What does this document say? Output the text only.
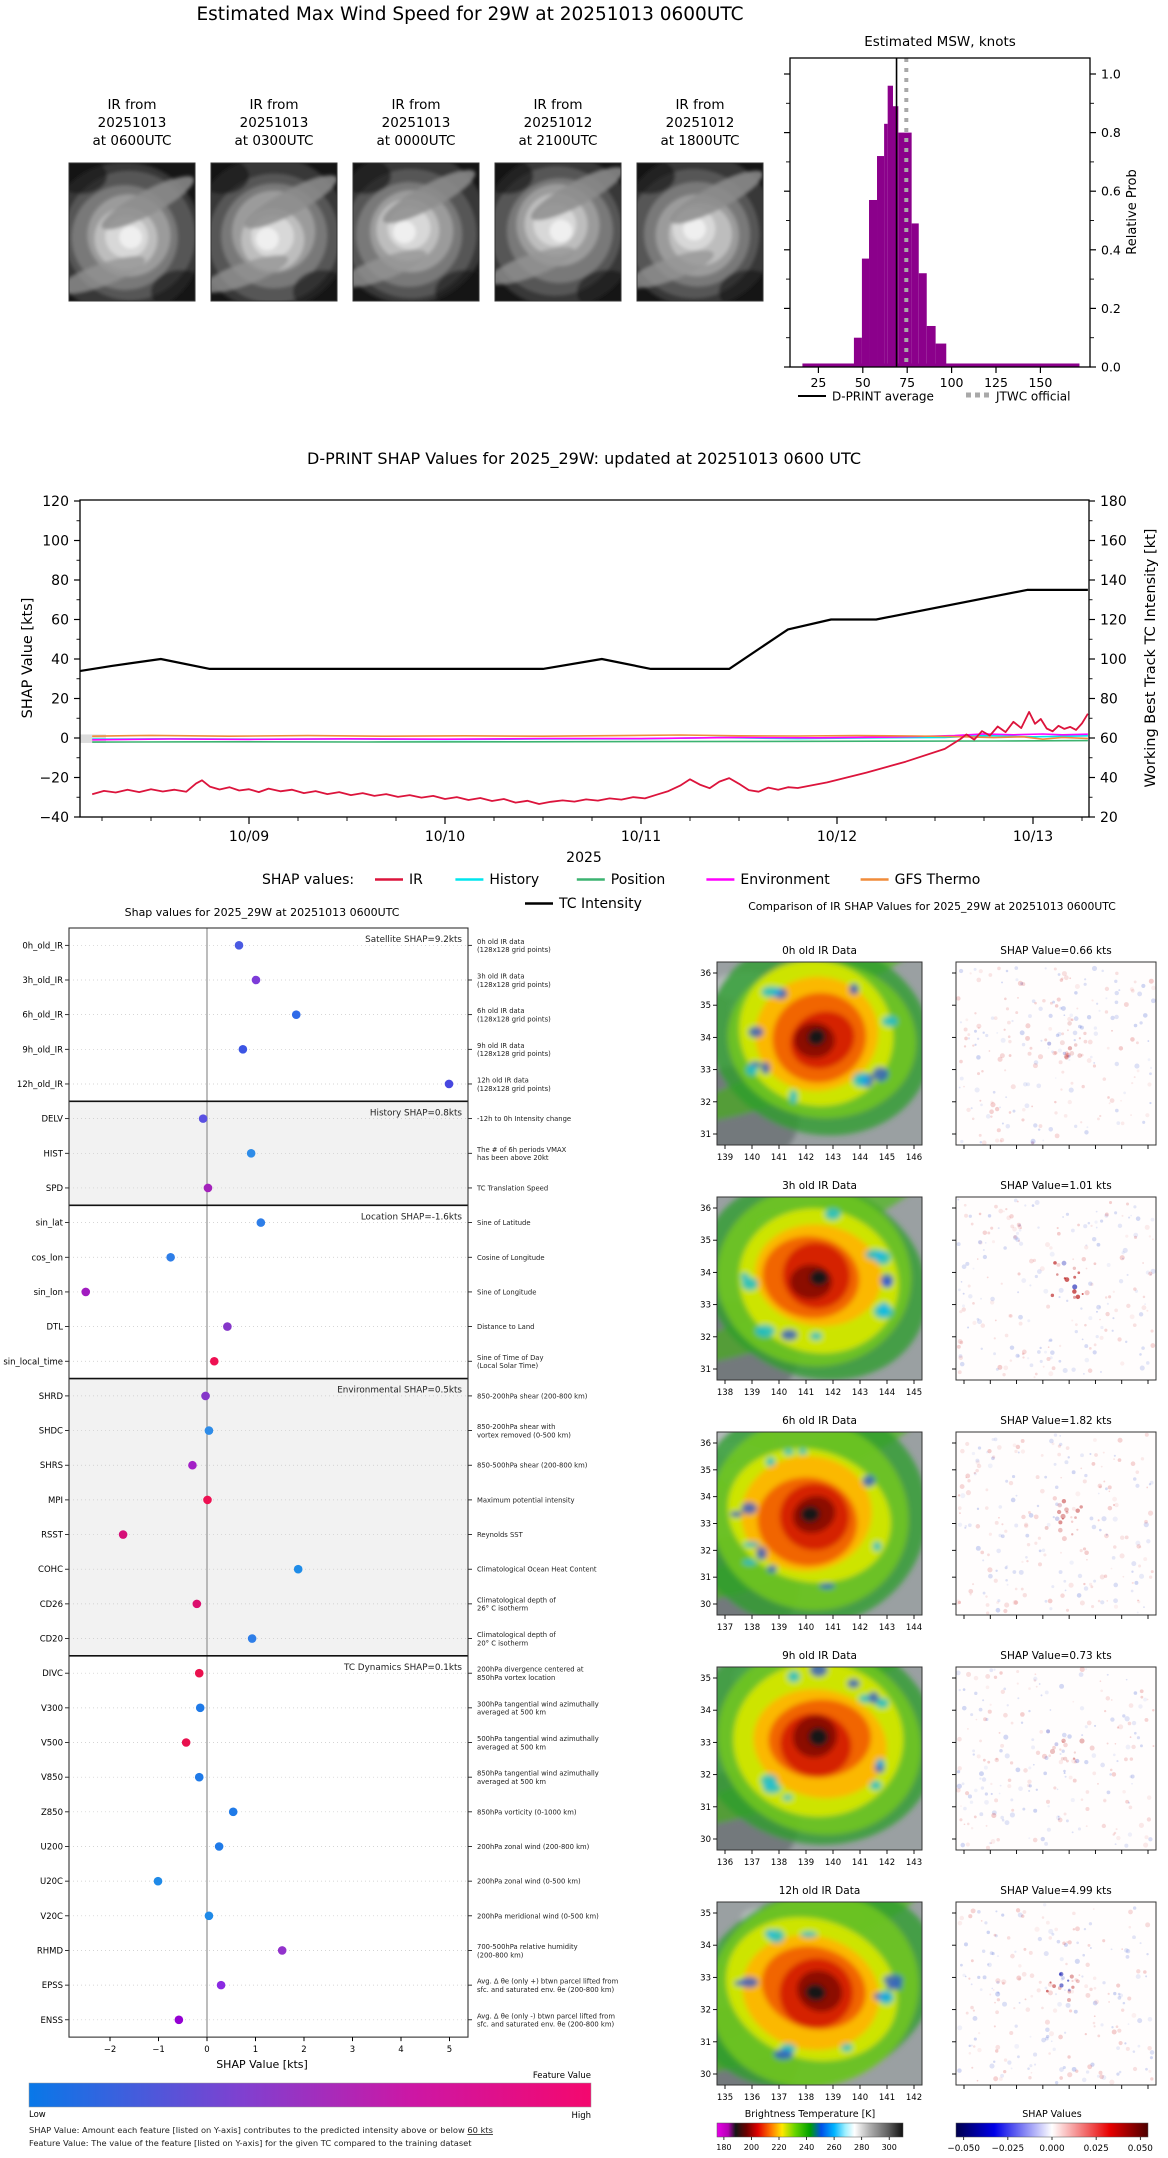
Estimated Max Wind Speed for 29W at 20251013 0600UTC
IR from
20251013
at 0600UTC
IR from
20251013
at 0300UTC
IR from
20251013
at 0000UTC
IR from
20251012
at 2100UTC
IR from
20251012
at 1800UTC
Estimated MSW, knots
0.0
0.2
0.4
0.6
0.8
1.0
25 50 75 100 125 150
Relative Prob
D-PRINT average	JTWC official
D-PRINT SHAP Values for 2025_29W: updated at 20251013 0600 UTC
−40
−20
0
20
40
60
80
100
120
20
40
60
80
100
120
140
160
180
10/09	10/10	10/11	10/12	10/13
2025
SHAP Value [kts]	Working Best Track TC Intensity [kt]
SHAP values:	IR	History	Position	Environment	GFS Thermo
TC Intensity
Shap values for 2025_29W at 20251013 0600UTC
0h_old_IR	0h old IR data
(128x128 grid points)
3h_old_IR	3h old IR data
(128x128 grid points)
6h_old_IR	6h old IR data
(128x128 grid points)
9h_old_IR	9h old IR data
(128x128 grid points)
12h_old_IR	12h old IR data
(128x128 grid points)
Satellite SHAP=9.2kts
DELV	-12h to 0h Intensity change
HIST	The # of 6h periods VMAX
has been above 20kt
SPD	TC Translation Speed
History SHAP=0.8kts
sin_lat	Sine of Latitude
cos_lon	Cosine of Longitude
sin_lon	Sine of Longitude
DTL	Distance to Land
sin_local_time	Sine of Time of Day
(Local Solar Time)
Location SHAP=-1.6kts
SHRD	850-200hPa shear (200-800 km)
SHDC	850-200hPa shear with
vortex removed (0-500 km)
SHRS	850-500hPa shear (200-800 km)
MPI	Maximum potential intensity
RSST	Reynolds SST
COHC	Climatological Ocean Heat Content
CD26	Climatological depth of
26° C isotherm
CD20	Climatological depth of
20° C isotherm
Environmental SHAP=0.5kts
DIVC	200hPa divergence centered at
850hPa vortex location
V300	300hPa tangential wind azimuthally
averaged at 500 km
V500	500hPa tangential wind azimuthally
averaged at 500 km
V850	850hPa tangential wind azimuthally
averaged at 500 km
Z850	850hPa vorticity (0-1000 km)
U200	200hPa zonal wind (200-800 km)
U20C	200hPa zonal wind (0-500 km)
V20C	200hPa meridional wind (0-500 km)
RHMD	700-500hPa relative humidity
(200-800 km)
EPSS	Avg. Δ θe (only +) btwn parcel lifted from
sfc. and saturated env. θe (200-800 km)
ENSS	Avg. Δ θe (only -) btwn parcel lifted from
sfc. and saturated env. θe (200-800 km)
TC Dynamics SHAP=0.1kts
−2	−1	0	1	2	3	4	5
SHAP Value [kts]
Feature Value
Low	High
SHAP Value: Amount each feature [listed on Y-axis] contributes to the predicted intensity above or below 60 kts
Feature Value: The value of the feature [listed on Y-axis] for the given TC compared to the training dataset
Comparison of IR SHAP Values for 2025_29W at 20251013 0600UTC
0h old IR Data	SHAP Value=0.66 kts
36
35
34
33
32
31
139 140 141 142 143 144 145 146
3h old IR Data	SHAP Value=1.01 kts
36
35
34
33
32
31
138 139 140 141 142 143 144 145
6h old IR Data	SHAP Value=1.82 kts
36
35
34
33
32
31
30
137 138 139 140 141 142 143 144
9h old IR Data	SHAP Value=0.73 kts
35
34
33
32
31
30
136 137 138 139 140 141 142 143
12h old IR Data	SHAP Value=4.99 kts
35
34
33
32
31
30
135 136 137 138 139 140 141 142
Brightness Temperature [K]
180 200 220 240 260 280 300
SHAP Values
−0.050 −0.025 0.000 0.025 0.050
